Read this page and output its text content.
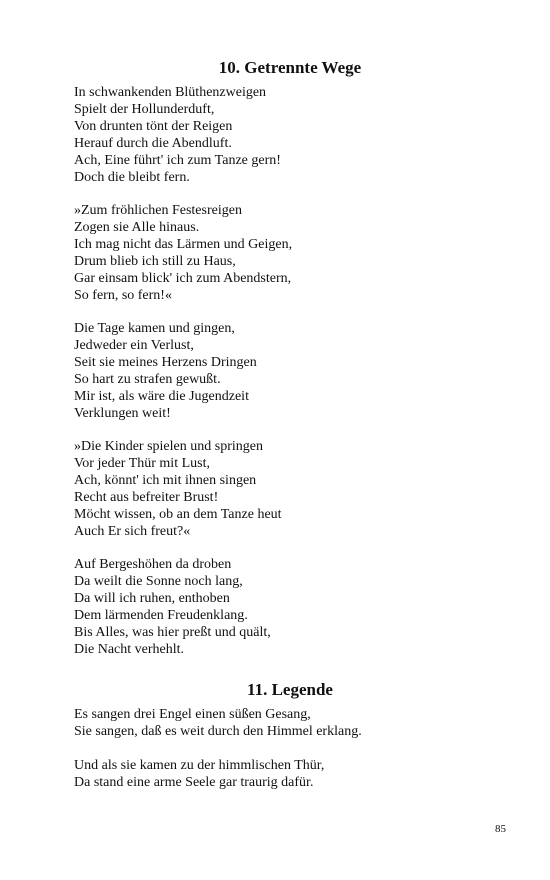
10. Getrennte Wege
In schwankenden Blüthenzweigen
Spielt der Hollunderduft,
Von drunten tönt der Reigen
Herauf durch die Abendluft.
Ach, Eine führt' ich zum Tanze gern!
Doch die bleibt fern.
»Zum fröhlichen Festesreigen
Zogen sie Alle hinaus.
Ich mag nicht das Lärmen und Geigen,
Drum blieb ich still zu Haus,
Gar einsam blick' ich zum Abendstern,
So fern, so fern!«
Die Tage kamen und gingen,
Jedweder ein Verlust,
Seit sie meines Herzens Dringen
So hart zu strafen gewußt.
Mir ist, als wäre die Jugendzeit
Verklungen weit!
»Die Kinder spielen und springen
Vor jeder Thür mit Lust,
Ach, könnt' ich mit ihnen singen
Recht aus befreiter Brust!
Möcht wissen, ob an dem Tanze heut
Auch Er sich freut?«
Auf Bergeshöhen da droben
Da weilt die Sonne noch lang,
Da will ich ruhen, enthoben
Dem lärmenden Freudenklang.
Bis Alles, was hier preßt und quält,
Die Nacht verhehlt.
11. Legende
Es sangen drei Engel einen süßen Gesang,
Sie sangen, daß es weit durch den Himmel erklang.
Und als sie kamen zu der himmlischen Thür,
Da stand eine arme Seele gar traurig dafür.
85
